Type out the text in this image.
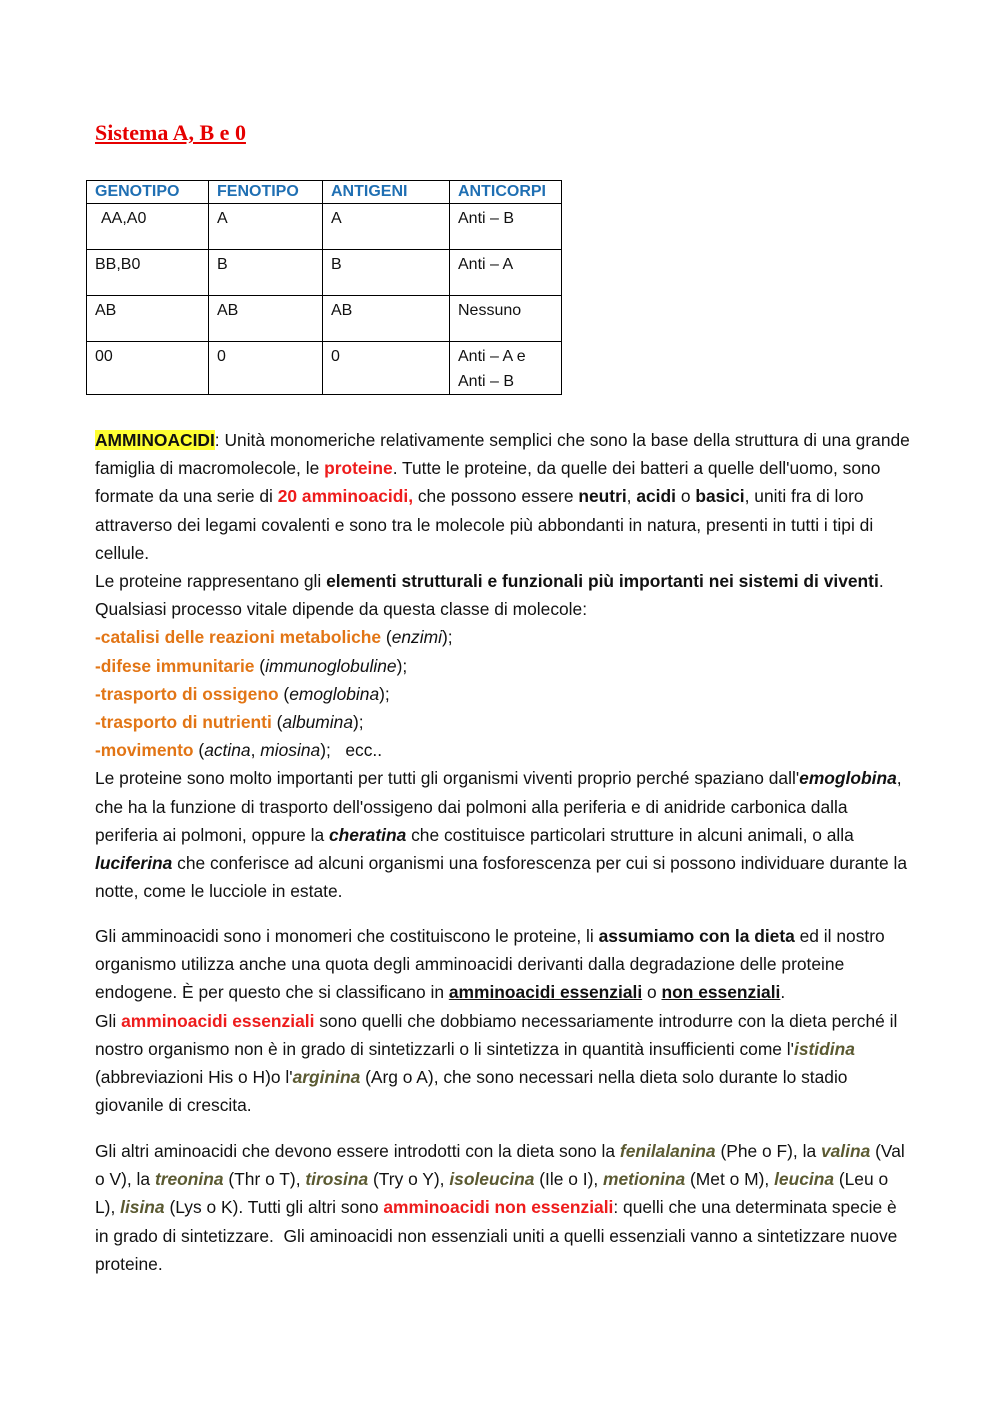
Sistema A, B e 0
GENOTIPO	FENOTIPO	ANTIGENI	ANTICORPI
AA,A0	A	A	Anti – B
BB,B0	B	B	Anti – A
AB	AB	AB	Nessuno
00	0	0	Anti – A e Anti – B

AMMINOACIDI: Unità monomeriche relativamente semplici che sono la base della struttura di una grande famiglia di macromolecole, le proteine. Tutte le proteine, da quelle dei batteri a quelle dell'uomo, sono formate da una serie di 20 amminoacidi, che possono essere neutri, acidi o basici, uniti fra di loro attraverso dei legami covalenti e sono tra le molecole più abbondanti in natura, presenti in tutti i tipi di cellule.

Le proteine rappresentano gli elementi strutturali e funzionali più importanti nei sistemi di viventi. Qualsiasi processo vitale dipende da questa classe di molecole:

-catalisi delle reazioni metaboliche (enzimi);

-difese immunitarie (immunoglobuline);

-trasporto di ossigeno (emoglobina);

-trasporto di nutrienti (albumina);

-movimento (actina, miosina);   ecc..

Le proteine sono molto importanti per tutti gli organismi viventi proprio perché spaziano dall'emoglobina, che ha la funzione di trasporto dell'ossigeno dai polmoni alla periferia e di anidride carbonica dalla periferia ai polmoni, oppure la cheratina che costituisce particolari strutture in alcuni animali, o alla luciferina che conferisce ad alcuni organismi una fosforescenza per cui si possono individuare durante la notte, come le lucciole in estate.

Gli amminoacidi sono i monomeri che costituiscono le proteine, li assumiamo con la dieta ed il nostro organismo utilizza anche una quota degli amminoacidi derivanti dalla degradazione delle proteine endogene. È per questo che si classificano in amminoacidi essenziali o non essenziali.

Gli amminoacidi essenziali sono quelli che dobbiamo necessariamente introdurre con la dieta perché il nostro organismo non è in grado di sintetizzarli o li sintetizza in quantità insufficienti come l'istidina (abbreviazioni His o H)o l'arginina (Arg o A), che sono necessari nella dieta solo durante lo stadio giovanile di crescita.

Gli altri aminoacidi che devono essere introdotti con la dieta sono la fenilalanina (Phe o F), la valina (Val o V), la treonina (Thr o T), tirosina (Try o Y), isoleucina (Ile o I), metionina (Met o M), leucina (Leu o L), lisina (Lys o K). Tutti gli altri sono amminoacidi non essenziali: quelli che una determinata specie è in grado di sintetizzare.  Gli aminoacidi non essenziali uniti a quelli essenziali vanno a sintetizzare nuove proteine.
